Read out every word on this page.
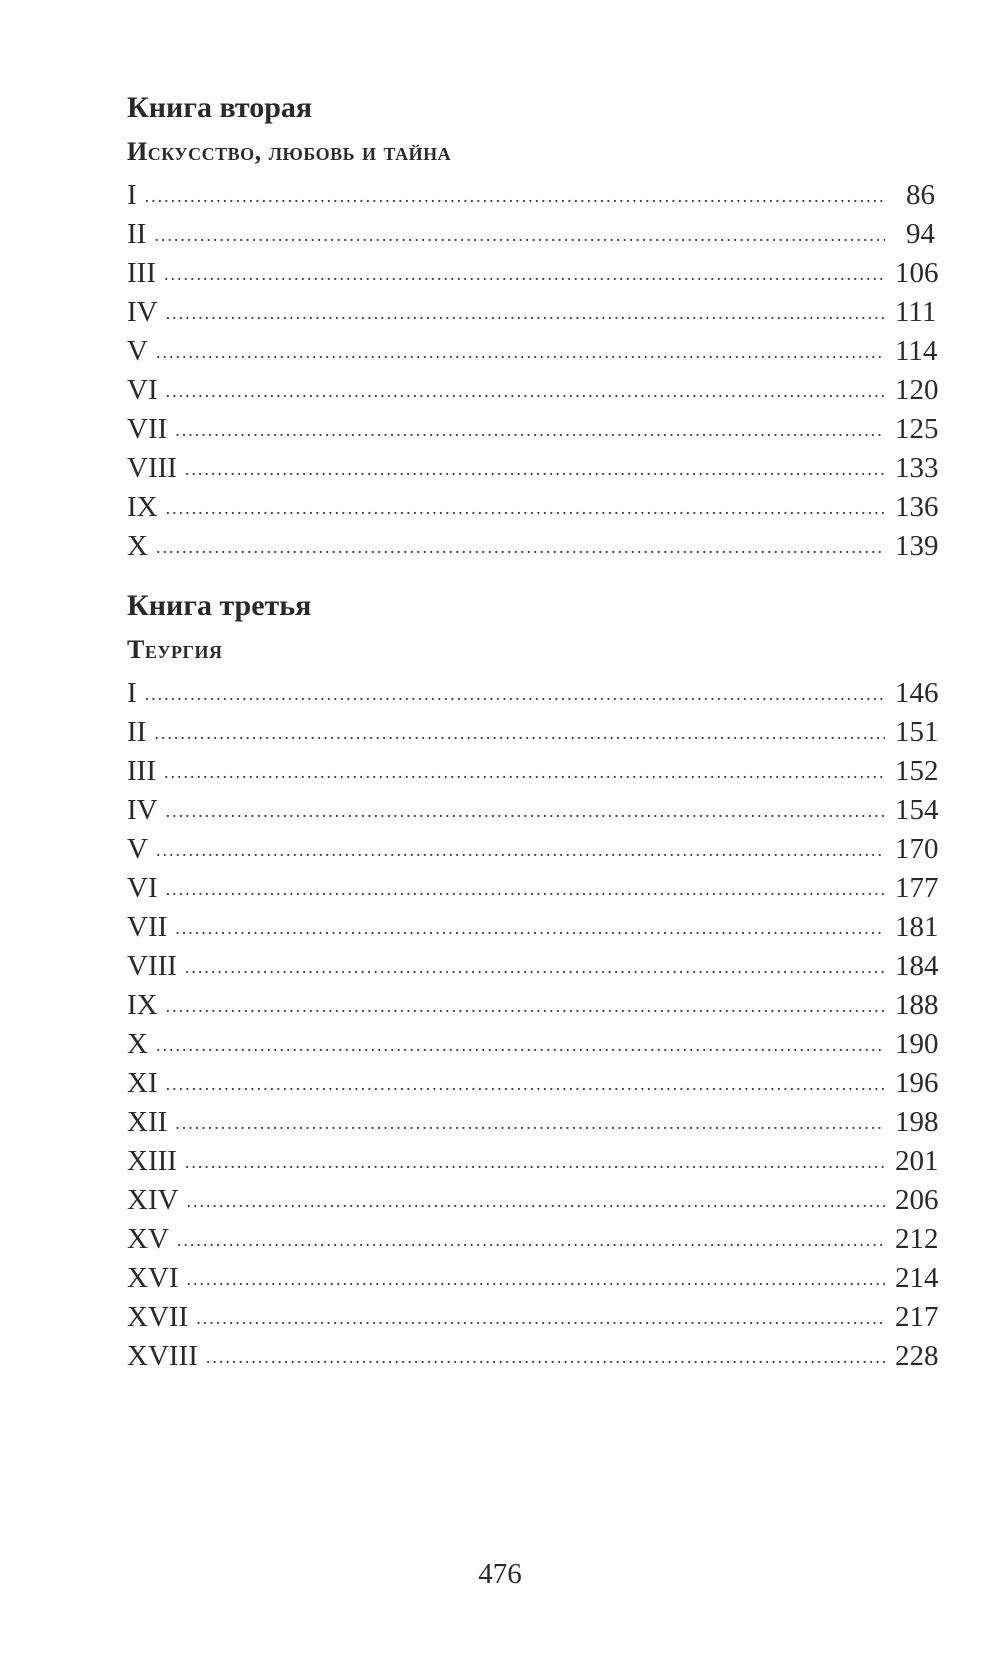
Книга вторая
Искусство, любовь и тайна
I .....	86
II .....	94
III .....	106
IV .....	111
V .....	114
VI .....	120
VII .....	125
VIII .....	133
IX .....	136
X .....	139
Книга третья
Теургия
I .....	146
II .....	151
III .....	152
IV .....	154
V .....	170
VI .....	177
VII .....	181
VIII .....	184
IX .....	188
X .....	190
XI .....	196
XII .....	198
XIII .....	201
XIV .....	206
XV .....	212
XVI .....	214
XVII .....	217
XVIII .....	228
476
